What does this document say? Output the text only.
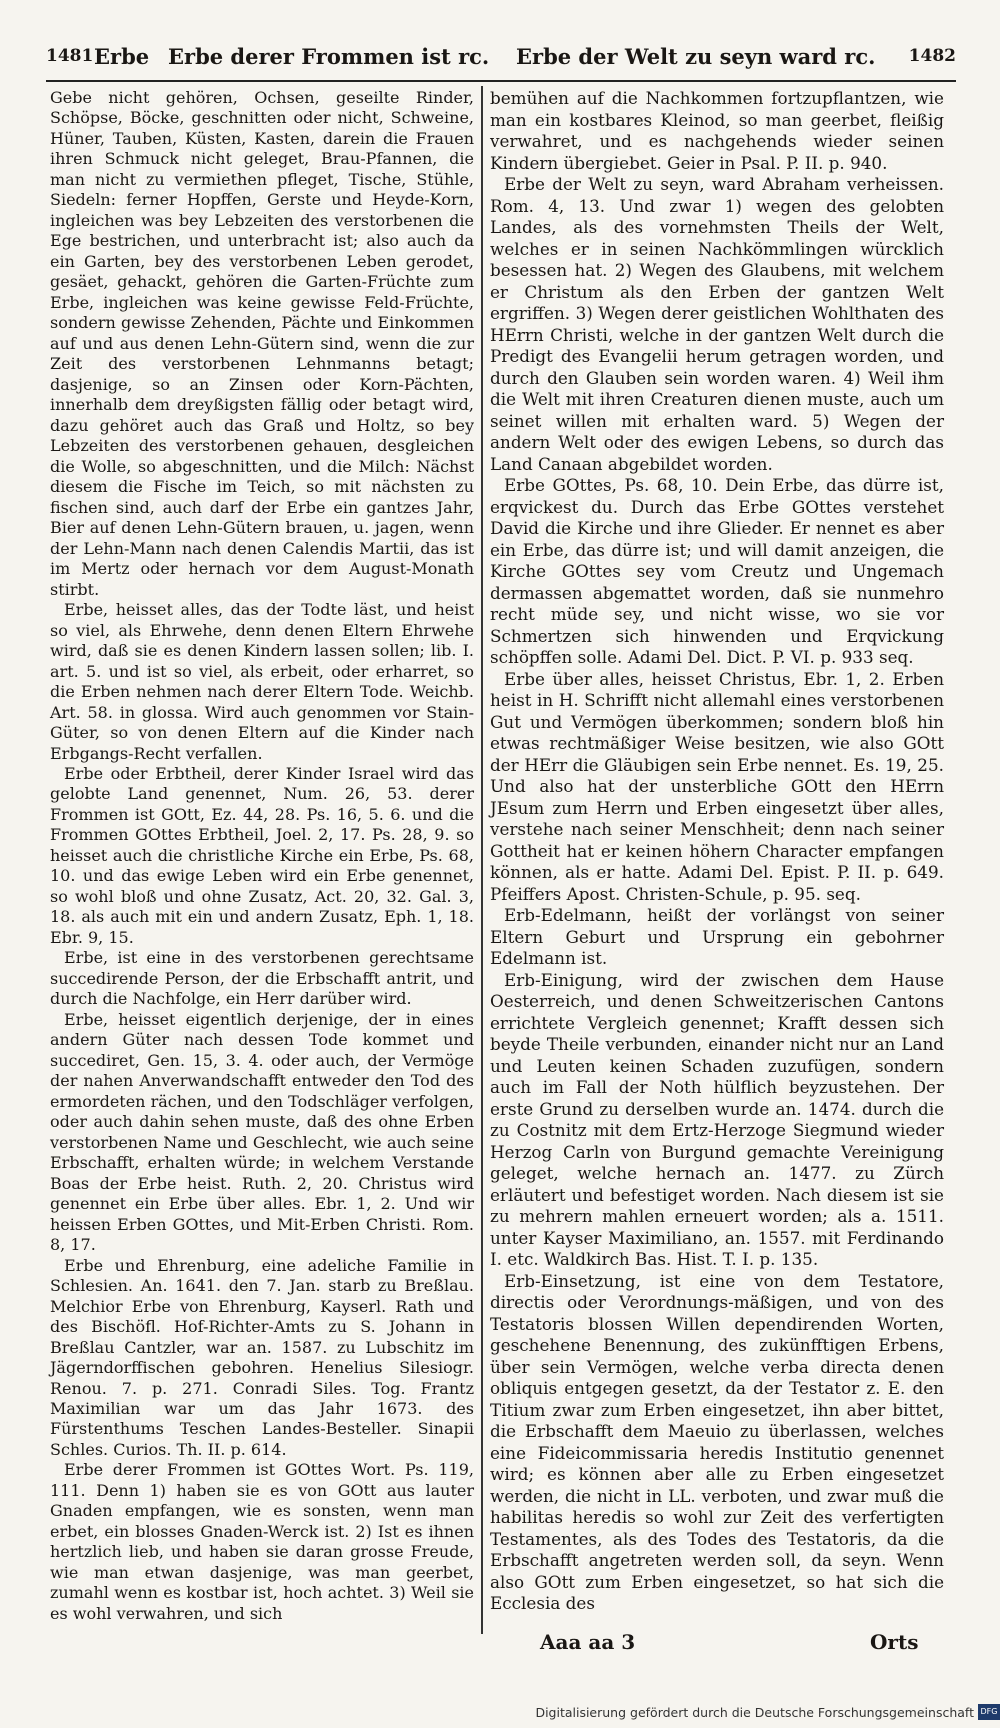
1481 Erbe Erbe derer Frommen ist rc. Erbe der Welt zu seyn ward rc. 1482

Gebe nicht gehören, Ochsen, geseilte Rinder, Schöpse, Böcke, geschnitten oder nicht, Schweine, Hüner, Tauben, Küsten, Kasten, darein die Frauen ihren Schmuck nicht geleget, Brau-Pfannen, die man nicht zu vermiethen pfleget, Tische, Stühle, Siedeln: ferner Hopffen, Gerste und Heyde-Korn, ingleichen was bey Lebzeiten des verstorbenen die Ege bestrichen, und unterbracht ist; also auch da ein Garten, bey des verstorbenen Leben gerodet, gesäet, gehackt, gehören die Garten-Früchte zum Erbe, ingleichen was keine gewisse Feld-Früchte, sondern gewisse Zehenden, Pächte und Einkommen auf und aus denen Lehn-Gütern sind, wenn die zur Zeit des verstorbenen Lehnmanns betagt; dasjenige, so an Zinsen oder Korn-Pächten, innerhalb dem dreyßigsten fällig oder betagt wird, dazu gehöret auch das Graß und Holtz, so bey Lebzeiten des verstorbenen gehauen, desgleichen die Wolle, so abgeschnitten, und die Milch: Nächst diesem die Fische im Teich, so mit nächsten zu fischen sind, auch darf der Erbe ein gantzes Jahr, Bier auf denen Lehn-Gütern brauen, u. jagen, wenn der Lehn-Mann nach denen Calendis Martii, das ist im Mertz oder hernach vor dem August-Monath stirbt.

Erbe, heisset alles, das der Todte läst, und heist so viel, als Ehrwehe, denn denen Eltern Ehrwehe wird, daß sie es denen Kindern lassen sollen; lib. I. art. 5. und ist so viel, als erbeit, oder erharret, so die Erben nehmen nach derer Eltern Tode. Weichb. Art. 58. in glossa. Wird auch genommen vor Stain-Güter, so von denen Eltern auf die Kinder nach Erbgangs-Recht verfallen.

Erbe oder Erbtheil, derer Kinder Israel wird das gelobte Land genennet, Num. 26, 53. derer Frommen ist GOtt, Ez. 44, 28. Ps. 16, 5. 6. und die Frommen GOttes Erbtheil, Joel. 2, 17. Ps. 28, 9. so heisset auch die christliche Kirche ein Erbe, Ps. 68, 10. und das ewige Leben wird ein Erbe genennet, so wohl bloß und ohne Zusatz, Act. 20, 32. Gal. 3, 18. als auch mit ein und andern Zusatz, Eph. 1, 18. Ebr. 9, 15.

Erbe, ist eine in des verstorbenen gerechtsame succedirende Person, der die Erbschafft antrit, und durch die Nachfolge, ein Herr darüber wird.

Erbe, heisset eigentlich derjenige, der in eines andern Güter nach dessen Tode kommet und succediret, Gen. 15, 3. 4. oder auch, der Vermöge der nahen Anverwandschafft entweder den Tod des ermordeten rächen, und den Todschläger verfolgen, oder auch dahin sehen muste, daß des ohne Erben verstorbenen Name und Geschlecht, wie auch seine Erbschafft, erhalten würde; in welchem Verstande Boas der Erbe heist. Ruth. 2, 20. Christus wird genennet ein Erbe über alles. Ebr. 1, 2. Und wir heissen Erben GOttes, und Mit-Erben Christi. Rom. 8, 17.

Erbe und Ehrenburg, eine adeliche Familie in Schlesien. An. 1641. den 7. Jan. starb zu Breßlau. Melchior Erbe von Ehrenburg, Kayserl. Rath und des Bischöfl. Hof-Richter-Amts zu S. Johann in Breßlau Cantzler, war an. 1587. zu Lubschitz im Jägerndorffischen gebohren. Henelius Silesiogr. Renou. 7. p. 271. Conradi Siles. Tog. Frantz Maximilian war um das Jahr 1673. des Fürstenthums Teschen Landes-Besteller. Sinapii Schles. Curios. Th. II. p. 614.

Erbe derer Frommen ist GOttes Wort. Ps. 119, 111. Denn 1) haben sie es von GOtt aus lauter Gnaden empfangen, wie es sonsten, wenn man erbet, ein blosses Gnaden-Werck ist. 2) Ist es ihnen hertzlich lieb, und haben sie daran grosse Freude, wie man etwan dasjenige, was man geerbet, zumahl wenn es kostbar ist, hoch achtet. 3) Weil sie es wohl verwahren, und sich

bemühen auf die Nachkommen fortzupflantzen, wie man ein kostbares Kleinod, so man geerbet, fleißig verwahret, und es nachgehends wieder seinen Kindern übergiebet. Geier in Psal. P. II. p. 940.

Erbe der Welt zu seyn, ward Abraham verheissen. Rom. 4, 13. Und zwar 1) wegen des gelobten Landes, als des vornehmsten Theils der Welt, welches er in seinen Nachkömmlingen würcklich besessen hat. 2) Wegen des Glaubens, mit welchem er Christum als den Erben der gantzen Welt ergriffen. 3) Wegen derer geistlichen Wohlthaten des HErrn Christi, welche in der gantzen Welt durch die Predigt des Evangelii herum getragen worden, und durch den Glauben sein worden waren. 4) Weil ihm die Welt mit ihren Creaturen dienen muste, auch um seinet willen mit erhalten ward. 5) Wegen der andern Welt oder des ewigen Lebens, so durch das Land Canaan abgebildet worden.

Erbe GOttes, Ps. 68, 10. Dein Erbe, das dürre ist, erqvickest du. Durch das Erbe GOttes verstehet David die Kirche und ihre Glieder. Er nennet es aber ein Erbe, das dürre ist; und will damit anzeigen, die Kirche GOttes sey vom Creutz und Ungemach dermassen abgemattet worden, daß sie nunmehro recht müde sey, und nicht wisse, wo sie vor Schmertzen sich hinwenden und Erqvickung schöpffen solle. Adami Del. Dict. P. VI. p. 933 seq.

Erbe über alles, heisset Christus, Ebr. 1, 2. Erben heist in H. Schrifft nicht allemahl eines verstorbenen Gut und Vermögen überkommen; sondern bloß hin etwas rechtmäßiger Weise besitzen, wie also GOtt der HErr die Gläubigen sein Erbe nennet. Es. 19, 25. Und also hat der unsterbliche GOtt den HErrn JEsum zum Herrn und Erben eingesetzt über alles, verstehe nach seiner Menschheit; denn nach seiner Gottheit hat er keinen höhern Character empfangen können, als er hatte. Adami Del. Epist. P. II. p. 649. Pfeiffers Apost. Christen-Schule, p. 95. seq.

Erb-Edelmann, heißt der vorlängst von seiner Eltern Geburt und Ursprung ein gebohrner Edelmann ist.

Erb-Einigung, wird der zwischen dem Hause Oesterreich, und denen Schweitzerischen Cantons errichtete Vergleich genennet; Krafft dessen sich beyde Theile verbunden, einander nicht nur an Land und Leuten keinen Schaden zuzufügen, sondern auch im Fall der Noth hülflich beyzustehen. Der erste Grund zu derselben wurde an. 1474. durch die zu Costnitz mit dem Ertz-Herzoge Siegmund wieder Herzog Carln von Burgund gemachte Vereinigung geleget, welche hernach an. 1477. zu Zürch erläutert und befestiget worden. Nach diesem ist sie zu mehrern mahlen erneuert worden; als a. 1511. unter Kayser Maximiliano, an. 1557. mit Ferdinando I. etc. Waldkirch Bas. Hist. T. I. p. 135.

Erb-Einsetzung, ist eine von dem Testatore, directis oder Verordnungs-mäßigen, und von des Testatoris blossen Willen dependirenden Worten, geschehene Benennung, des zukünfftigen Erbens, über sein Vermögen, welche verba directa denen obliquis entgegen gesetzt, da der Testator z. E. den Titium zwar zum Erben eingesetzet, ihn aber bittet, die Erbschafft dem Maeuio zu überlassen, welches eine Fideicommissaria heredis Institutio genennet wird; es können aber alle zu Erben eingesetzet werden, die nicht in LL. verboten, und zwar muß die habilitas heredis so wohl zur Zeit des verfertigten Testamentes, als des Todes des Testatoris, da die Erbschafft angetreten werden soll, da seyn. Wenn also GOtt zum Erben eingesetzet, so hat sich die Ecclesia des

Aaa aa 3	Orts
Digitalisierung gefördert durch die Deutsche Forschungsgemeinschaft DFG
